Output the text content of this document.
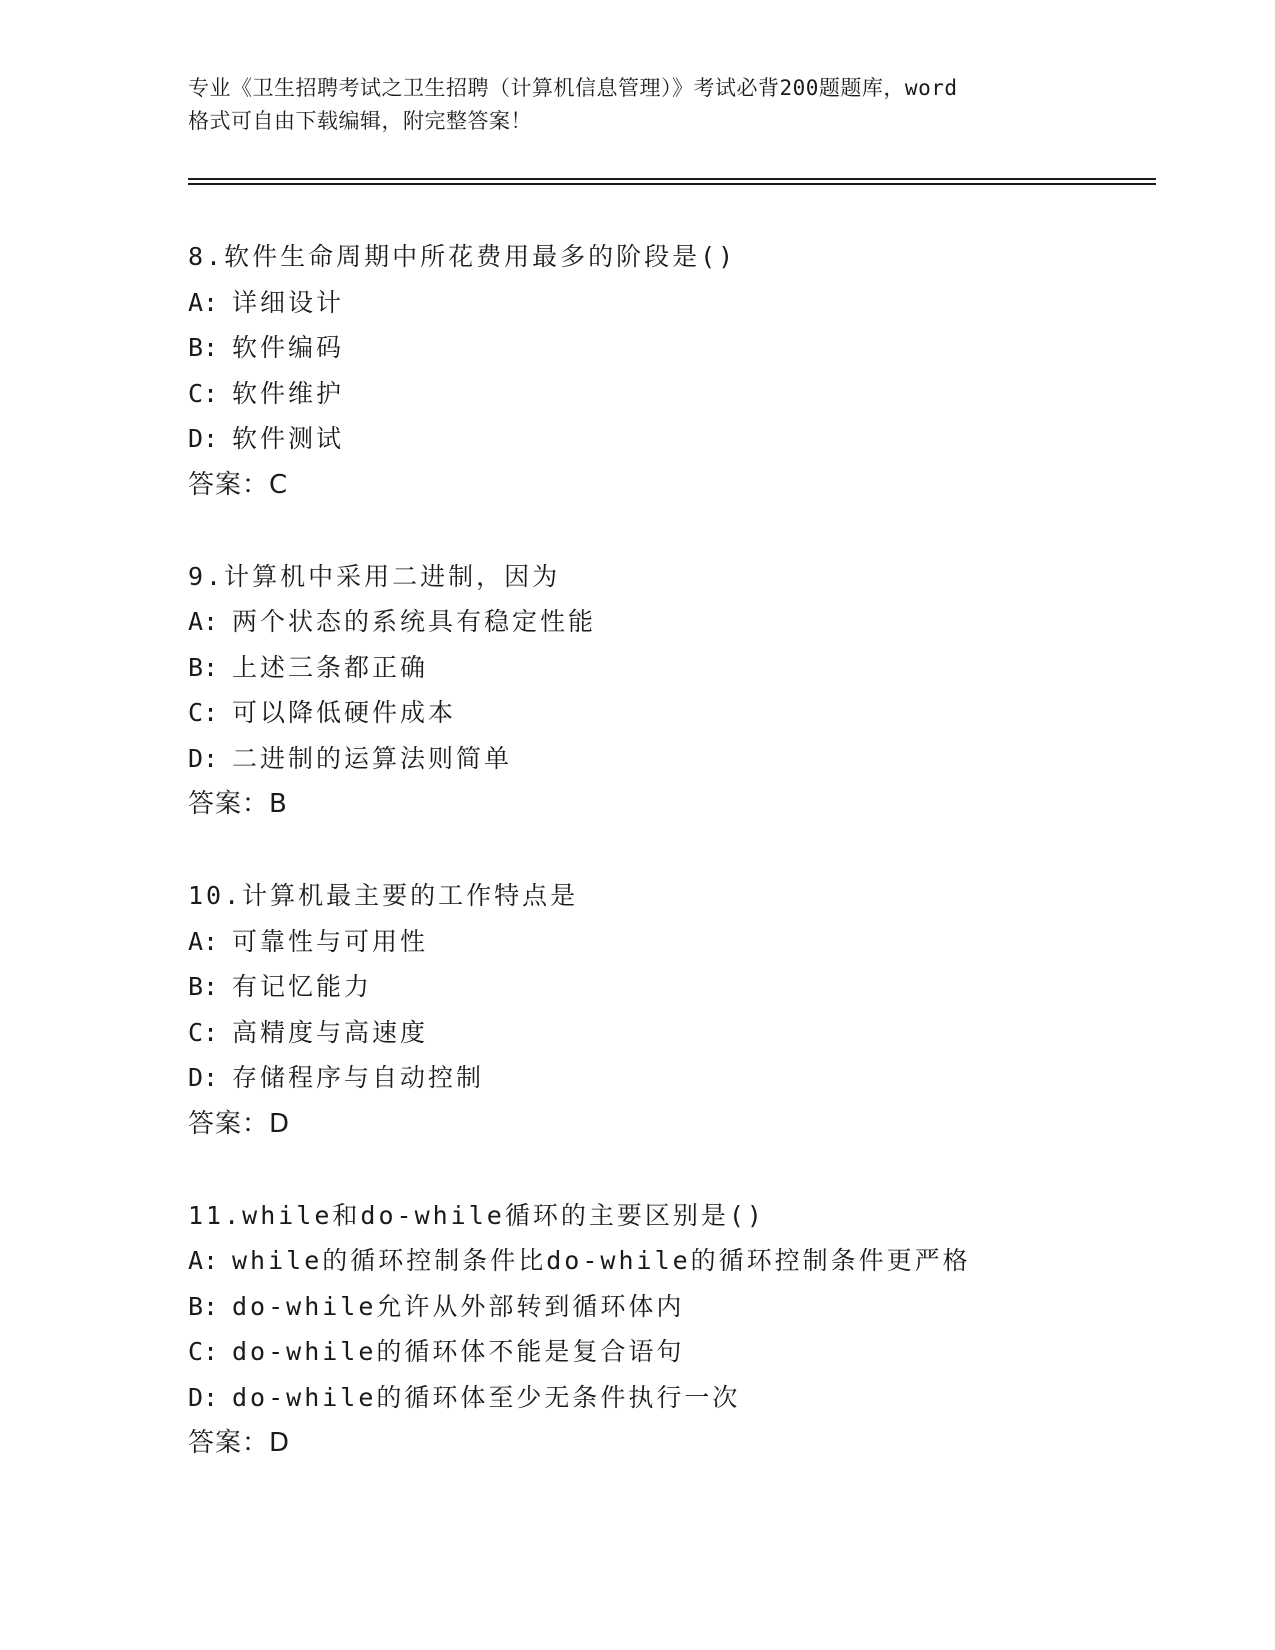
专业《卫生招聘考试之卫生招聘（计算机信息管理）》考试必背200题题库，word

格式可自由下载编辑，附完整答案！

8.软件生命周期中所花费用最多的阶段是()
A: 详细设计
B: 软件编码
C: 软件维护
D: 软件测试
答案：C
9.计算机中采用二进制，因为
A: 两个状态的系统具有稳定性能
B: 上述三条都正确
C: 可以降低硬件成本
D: 二进制的运算法则简单
答案：B
10.计算机最主要的工作特点是
A: 可靠性与可用性
B: 有记忆能力
C: 高精度与高速度
D: 存储程序与自动控制
答案：D
11.while和do-while循环的主要区别是()
A: while的循环控制条件比do-while的循环控制条件更严格
B: do-while允许从外部转到循环体内
C: do-while的循环体不能是复合语句
D: do-while的循环体至少无条件执行一次
答案：D
